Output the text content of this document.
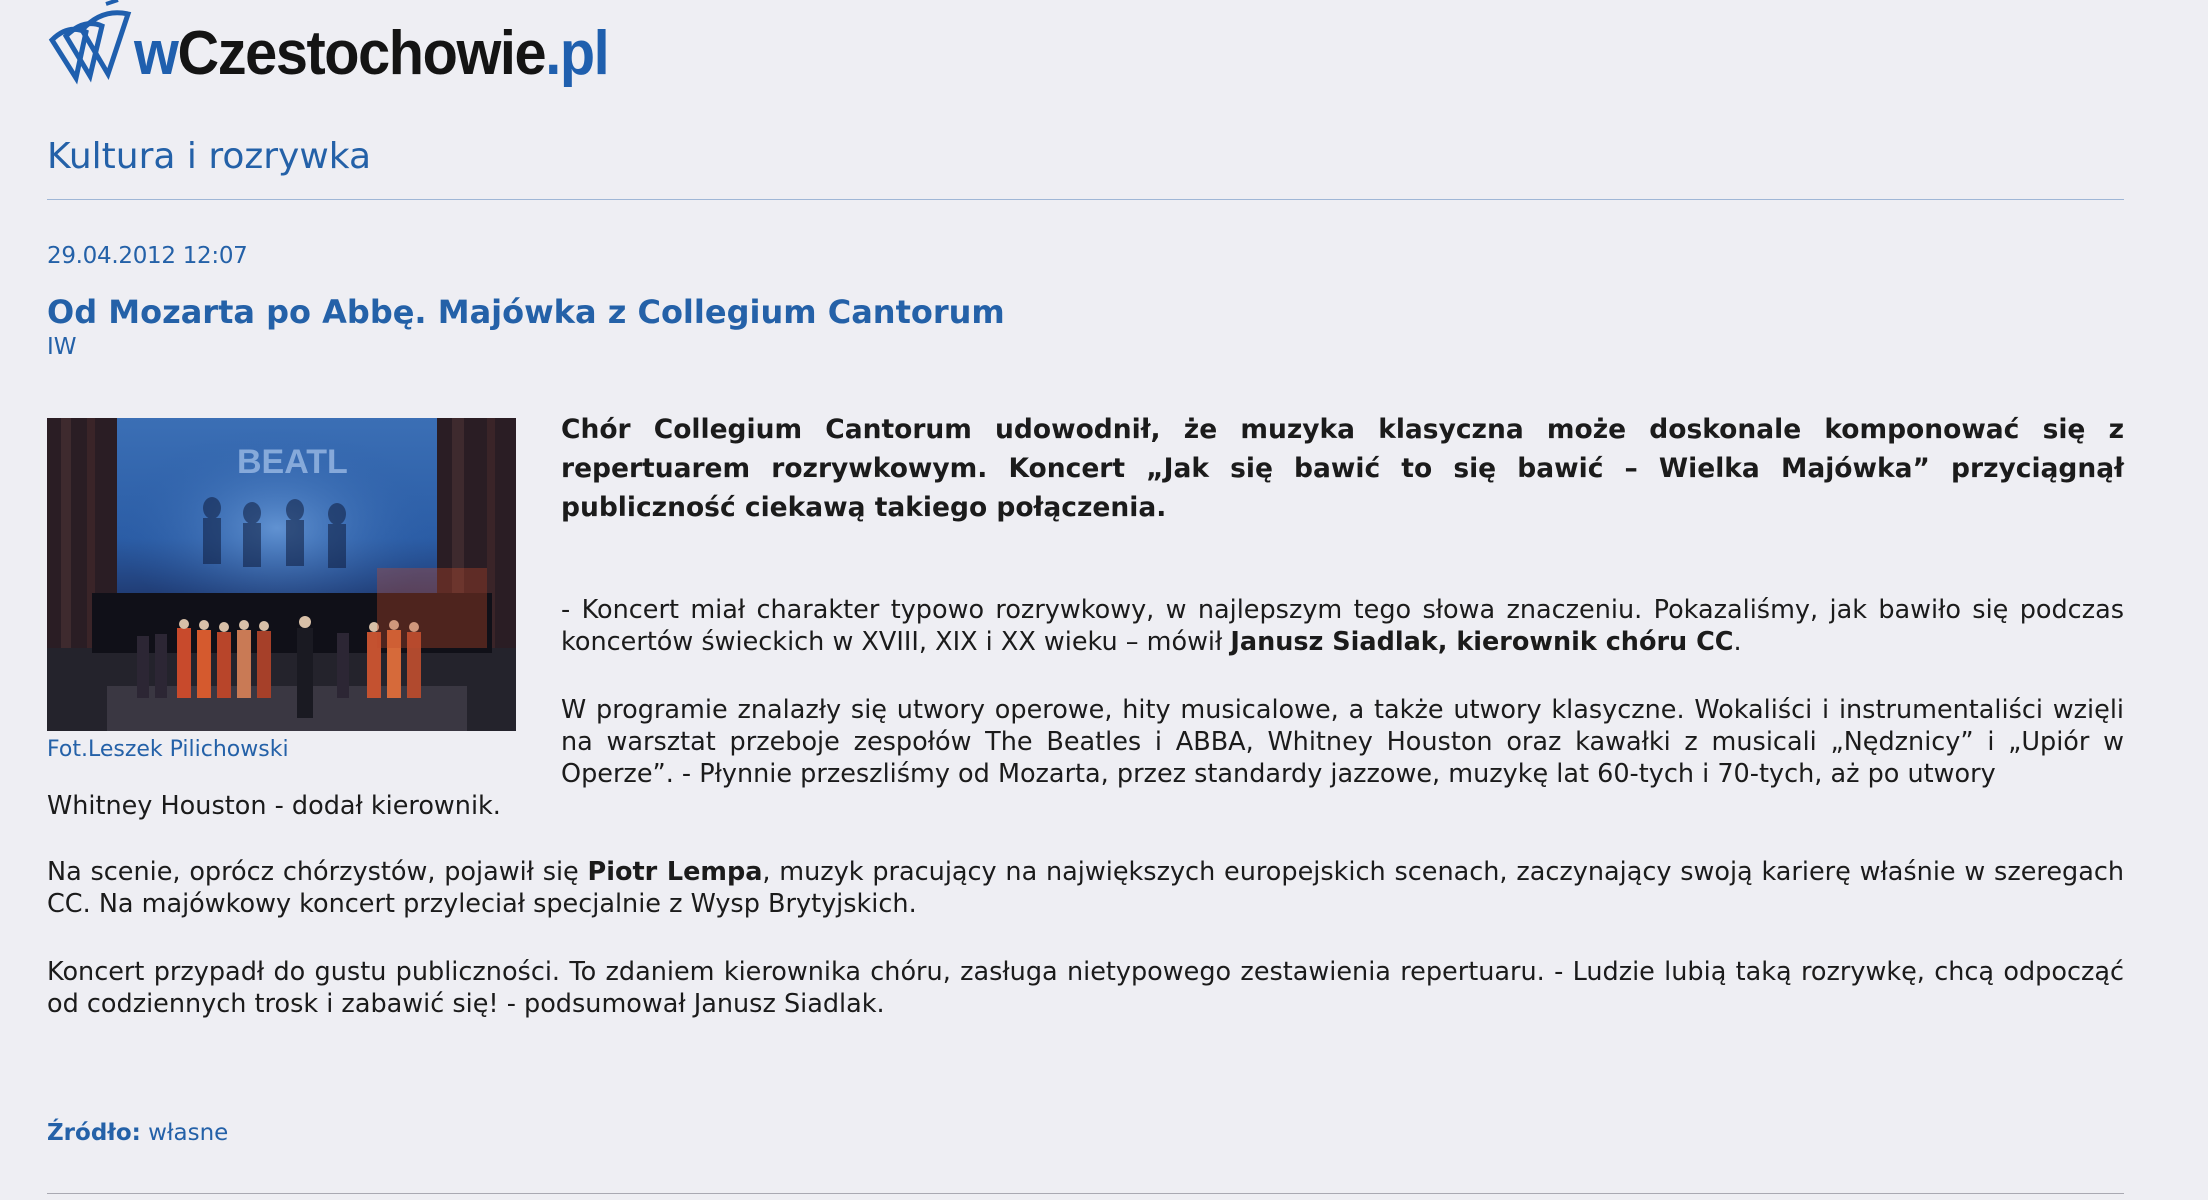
wCzestochowie.pl
Kultura i rozrywka
29.04.2012 12:07
Od Mozarta po Abbę. Majówka z Collegium Cantorum
IW
BEATL
Fot.Leszek Pilichowski

Chór Collegium Cantorum udowodnił, że muzyka klasyczna może doskonale komponować się z repertuarem rozrywkowym. Koncert „Jak się bawić to się bawić – Wielka Majówka” przyciągnął publiczność ciekawą takiego połączenia.

- Koncert miał charakter typowo rozrywkowy, w najlepszym tego słowa znaczeniu. Pokazaliśmy, jak bawiło się podczas koncertów świeckich w XVIII, XIX i XX wieku – mówił Janusz Siadlak, kierownik chóru CC.

W programie znalazły się utwory operowe, hity musicalowe, a także utwory klasyczne. Wokaliści i instrumentaliści wzięli na warsztat przeboje zespołów The Beatles i ABBA, Whitney Houston oraz kawałki z musicali „Nędznicy” i „Upiór w Operze”. - Płynnie przeszliśmy od Mozarta, przez standardy jazzowe, muzykę lat 60-tych i 70-tych, aż po utwory

Whitney Houston - dodał kierownik.

Na scenie, oprócz chórzystów, pojawił się Piotr Lempa, muzyk pracujący na największych europejskich scenach, zaczynający swoją karierę właśnie w szeregach CC. Na majówkowy koncert przyleciał specjalnie z Wysp Brytyjskich.

Koncert przypadł do gustu publiczności. To zdaniem kierownika chóru, zasługa nietypowego zestawienia repertuaru. - Ludzie lubią taką rozrywkę, chcą odpocząć od codziennych trosk i zabawić się! - podsumował Janusz Siadlak.

Źródło: własne
